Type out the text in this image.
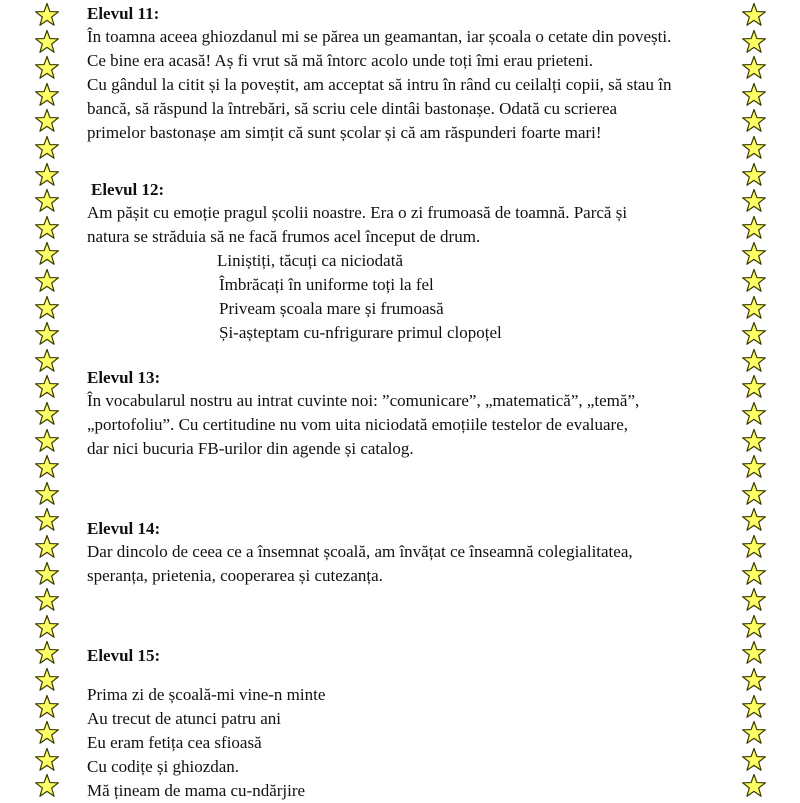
Elevul 11:

În toamna aceea ghiozdanul mi se părea un geamantan, iar școala o cetate din povești.
Ce bine era acasă! Aș fi vrut să mă întorc acolo unde toți îmi erau prieteni.
Cu gândul la citit și la poveștit, am acceptat să intru în rând cu ceilalți copii, să stau în
bancă, să răspund la întrebări, să scriu cele dintâi bastonașe. Odată cu scrierea
primelor bastonașe am simțit că sunt școlar și că am răspunderi foarte mari!

Elevul 12:

Am pășit cu emoție pragul școlii noastre. Era o zi frumoasă de toamnă. Parcă și
natura se străduia să ne facă frumos acel început de drum.

Liniștiți, tăcuți ca niciodată
Îmbrăcați în uniforme toți la fel
Priveam școala mare și frumoasă
Și-așteptam cu-nfrigurare primul clopoțel

Elevul 13:

În vocabularul nostru au intrat cuvinte noi: ”comunicare”, „matematică”, „temă”,
„portofoliu”. Cu certitudine nu vom uita niciodată emoțiile testelor de evaluare,
dar nici bucuria FB-urilor din agende și catalog.

Elevul 14:

Dar dincolo de ceea ce a însemnat școală, am învățat ce înseamnă colegialitatea,
speranța, prietenia, cooperarea și cutezanța.

Elevul 15:

Prima zi de școală-mi vine-n minte
Au trecut de atunci patru ani
Eu eram fetița cea sfioasă
Cu codițe și ghiozdan.
Mă țineam de mama cu-ndărjire
